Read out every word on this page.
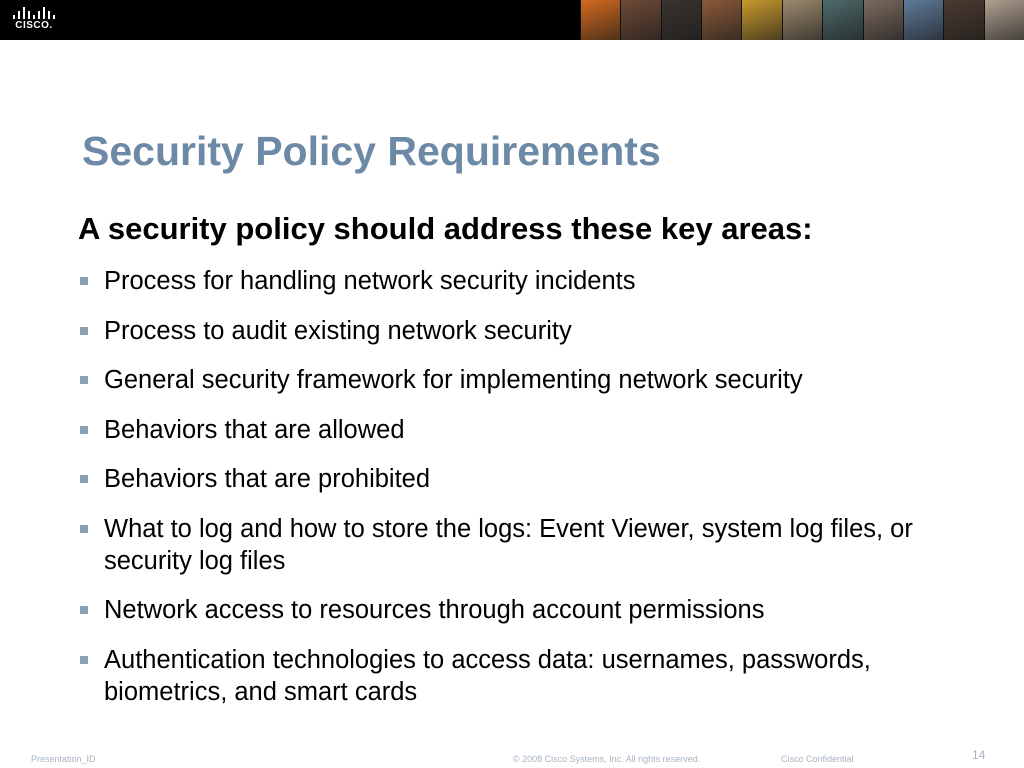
CISCO.
Security Policy Requirements
A security policy should address these key areas:
Process for handling network security incidents
Process to audit existing network security
General security framework for implementing network security
Behaviors that are allowed
Behaviors that are prohibited
What to log and how to store the logs: Event Viewer, system log files, or security log files
Network access to resources through account permissions
Authentication technologies to access data: usernames, passwords, biometrics, and smart cards
Presentation_ID	© 2008 Cisco Systems, Inc. All rights reserved.	Cisco Confidential	14
